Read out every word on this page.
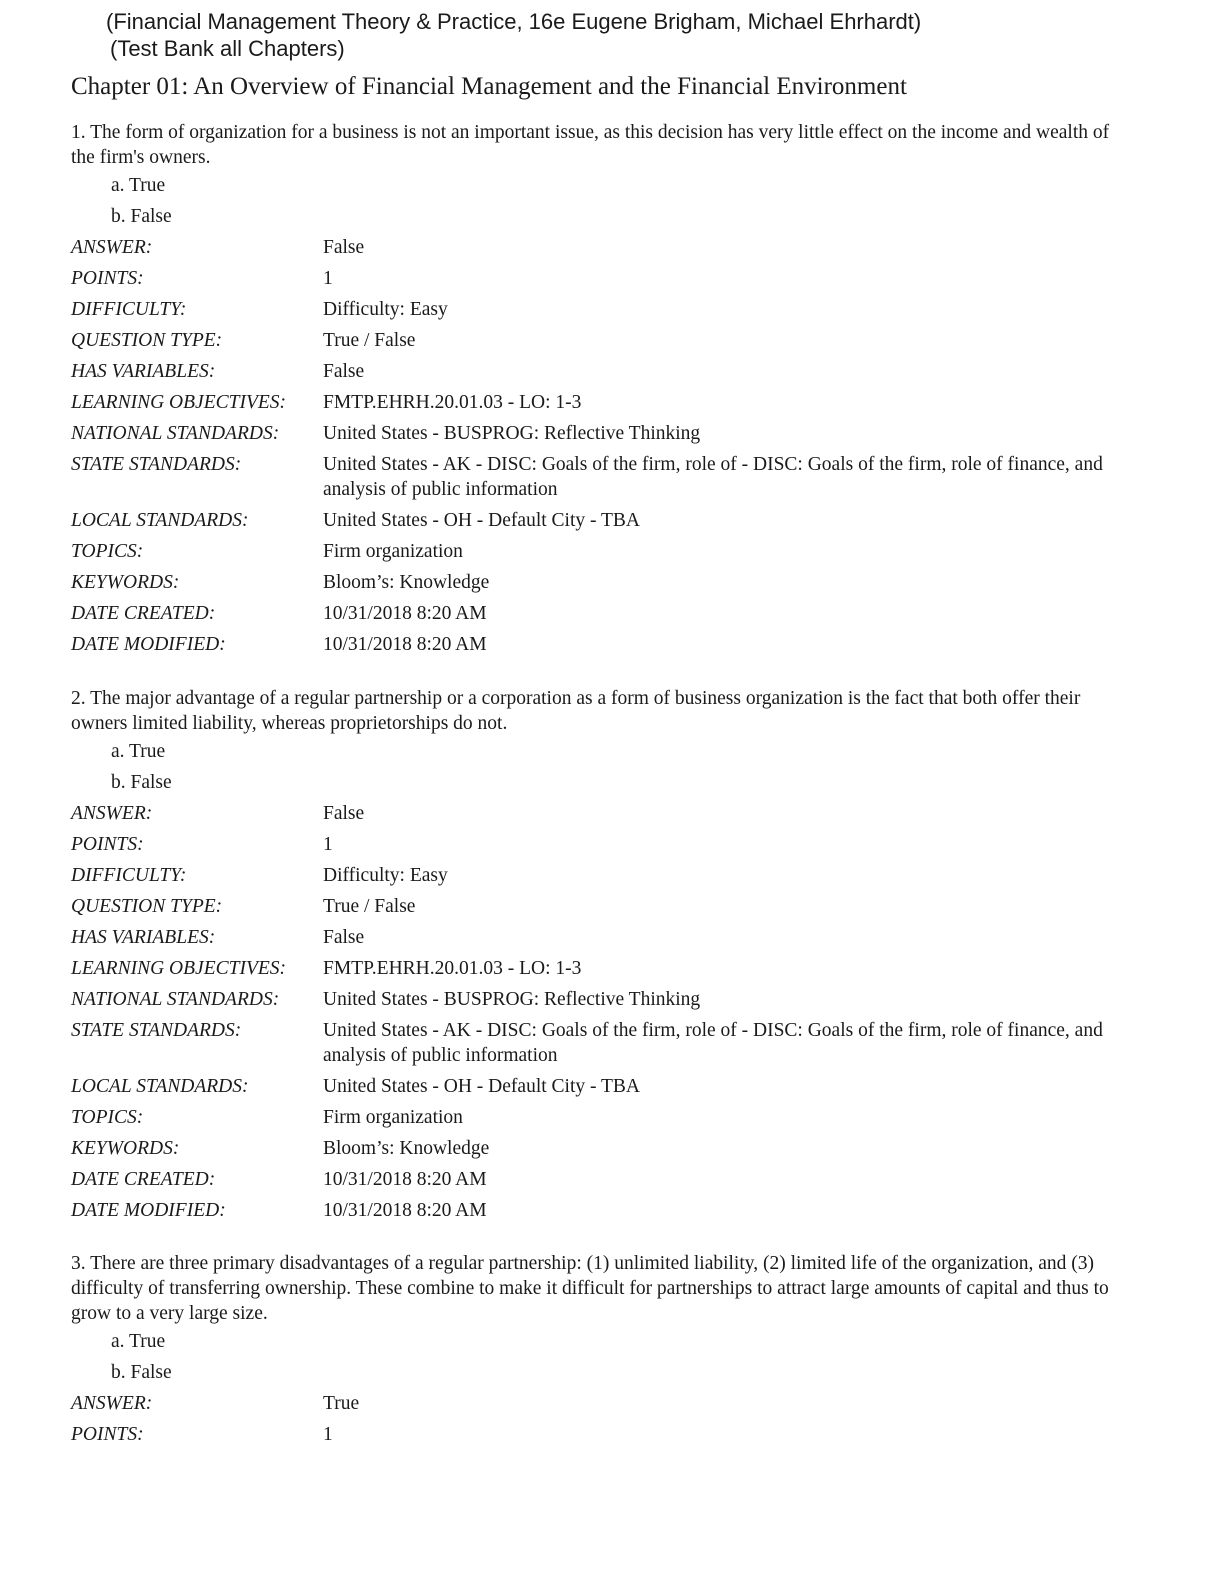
(Financial Management Theory & Practice, 16e Eugene Brigham, Michael Ehrhardt)
(Test Bank all Chapters)
Chapter 01: An Overview of Financial Management and the Financial Environment

1. The form of organization for a business is not an important issue, as this decision has very little effect on the income and wealth of the firm's owners.

a. True
b. False
ANSWER:	False
POINTS:	1
DIFFICULTY:	Difficulty: Easy
QUESTION TYPE:	True / False
HAS VARIABLES:	False
LEARNING OBJECTIVES:	FMTP.EHRH.20.01.03 - LO: 1-3
NATIONAL STANDARDS:	United States - BUSPROG: Reflective Thinking
STATE STANDARDS:	United States - AK - DISC: Goals of the firm, role of - DISC: Goals of the firm, role of finance, and analysis of public information
LOCAL STANDARDS:	United States - OH - Default City - TBA
TOPICS:	Firm organization
KEYWORDS:	Bloom’s: Knowledge
DATE CREATED:	10/31/2018 8:20 AM
DATE MODIFIED:	10/31/2018 8:20 AM

2. The major advantage of a regular partnership or a corporation as a form of business organization is the fact that both offer their owners limited liability, whereas proprietorships do not.

a. True
b. False
ANSWER:	False
POINTS:	1
DIFFICULTY:	Difficulty: Easy
QUESTION TYPE:	True / False
HAS VARIABLES:	False
LEARNING OBJECTIVES:	FMTP.EHRH.20.01.03 - LO: 1-3
NATIONAL STANDARDS:	United States - BUSPROG: Reflective Thinking
STATE STANDARDS:	United States - AK - DISC: Goals of the firm, role of - DISC: Goals of the firm, role of finance, and analysis of public information
LOCAL STANDARDS:	United States - OH - Default City - TBA
TOPICS:	Firm organization
KEYWORDS:	Bloom’s: Knowledge
DATE CREATED:	10/31/2018 8:20 AM
DATE MODIFIED:	10/31/2018 8:20 AM

3. There are three primary disadvantages of a regular partnership: (1) unlimited liability, (2) limited life of the organization, and (3) difficulty of transferring ownership. These combine to make it difficult for partnerships to attract large amounts of capital and thus to grow to a very large size.

a. True
b. False
ANSWER:	True
POINTS:	1
